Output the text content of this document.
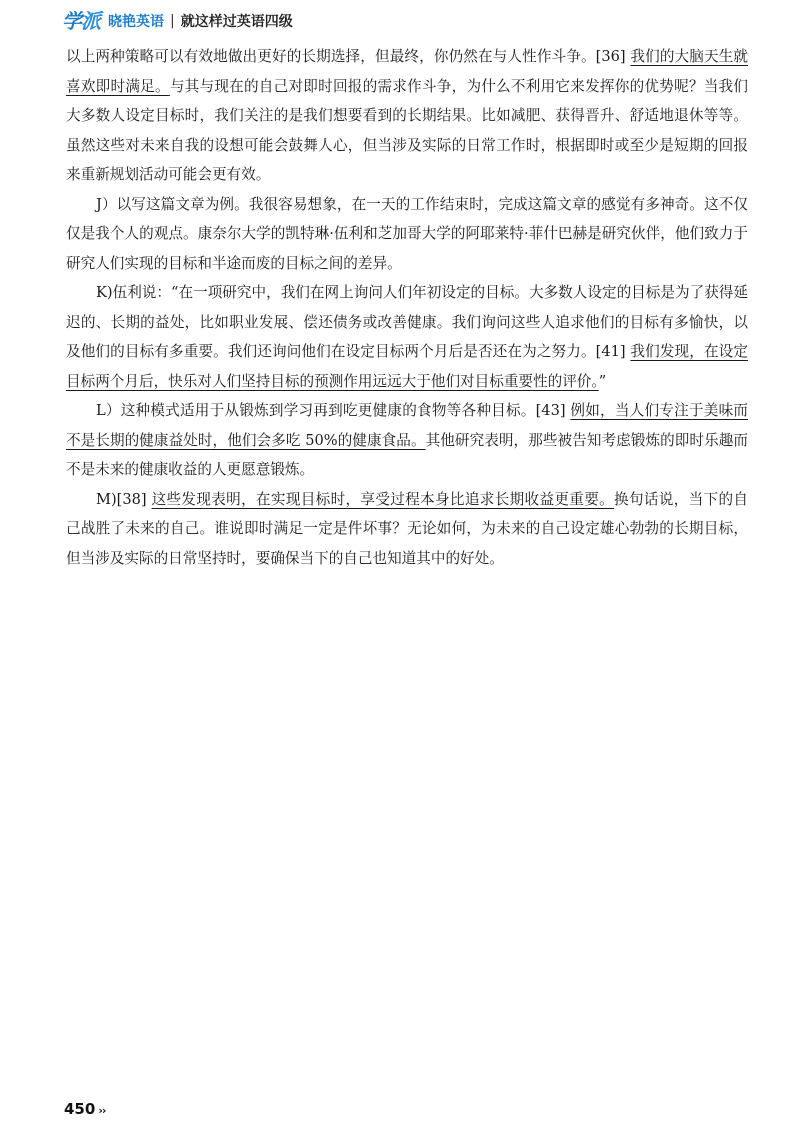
学派 晓艳英语 | 就这样过英语四级

以上两种策略可以有效地做出更好的长期选择，但最终，你仍然在与人性作斗争。[36] 我们的大脑天生就喜欢即时满足。与其与现在的自己对即时回报的需求作斗争，为什么不利用它来发挥你的优势呢？当我们大多数人设定目标时，我们关注的是我们想要看到的长期结果。比如减肥、获得晋升、舒适地退休等等。虽然这些对未来自我的设想可能会鼓舞人心，但当涉及实际的日常工作时，根据即时或至少是短期的回报来重新规划活动可能会更有效。

J）以写这篇文章为例。我很容易想象，在一天的工作结束时，完成这篇文章的感觉有多神奇。这不仅仅是我个人的观点。康奈尔大学的凯特琳·伍利和芝加哥大学的阿耶莱特·菲什巴赫是研究伙伴，他们致力于研究人们实现的目标和半途而废的目标之间的差异。

K)伍利说：“在一项研究中，我们在网上询问人们年初设定的目标。大多数人设定的目标是为了获得延迟的、长期的益处，比如职业发展、偿还债务或改善健康。我们询问这些人追求他们的目标有多愉快，以及他们的目标有多重要。我们还询问他们在设定目标两个月后是否还在为之努力。[41] 我们发现，在设定目标两个月后，快乐对人们坚持目标的预测作用远远大于他们对目标重要性的评价。”

L）这种模式适用于从锻炼到学习再到吃更健康的食物等各种目标。[43] 例如，当人们专注于美味而不是长期的健康益处时，他们会多吃 50%的健康食品。其他研究表明，那些被告知考虑锻炼的即时乐趣而不是未来的健康收益的人更愿意锻炼。

M)[38] 这些发现表明，在实现目标时，享受过程本身比追求长期收益更重要。换句话说，当下的自己战胜了未来的自己。谁说即时满足一定是件坏事？无论如何，为未来的自己设定雄心勃勃的长期目标，但当涉及实际的日常坚持时，要确保当下的自己也知道其中的好处。

450 ››
